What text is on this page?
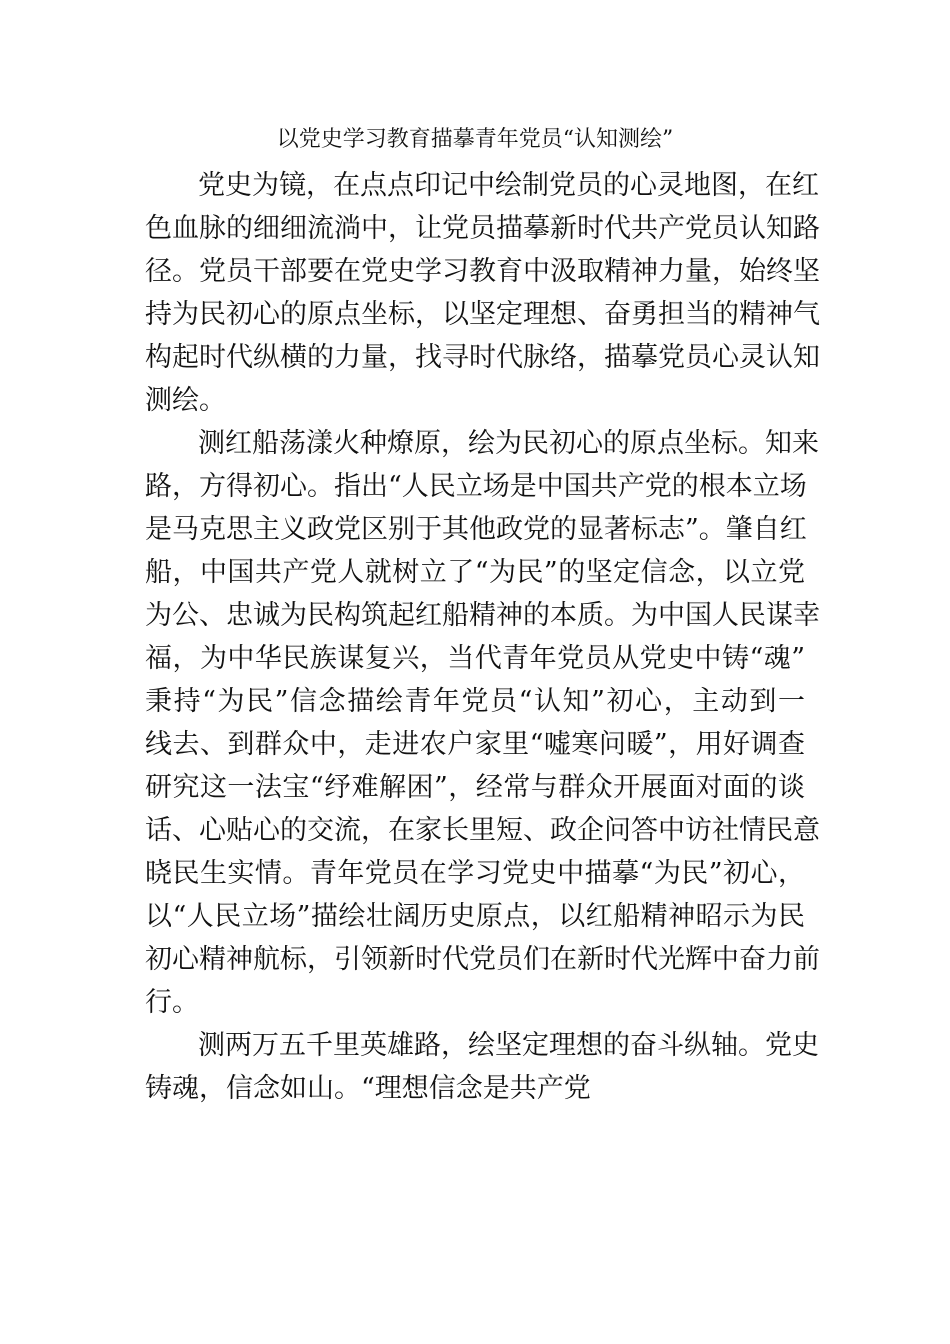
以党史学习教育描摹青年党员“认知测绘”

党史为镜，在点点印记中绘制党员的心灵地图，在红

色血脉的细细流淌中，让党员描摹新时代共产党员认知路

径。党员干部要在党史学习教育中汲取精神力量，始终坚

持为民初心的原点坐标，以坚定理想、奋勇担当的精神气

构起时代纵横的力量，找寻时代脉络，描摹党员心灵认知

测绘。

测红船荡漾火种燎原，绘为民初心的原点坐标。知来

路，方得初心。指出“人民立场是中国共产党的根本立场

是马克思主义政党区别于其他政党的显著标志”。肇自红

船，中国共产党人就树立了“为民”的坚定信念，以立党

为公、忠诚为民构筑起红船精神的本质。为中国人民谋幸

福，为中华民族谋复兴，当代青年党员从党史中铸“魂”

秉持“为民”信念描绘青年党员“认知”初心，主动到一

线去、到群众中，走进农户家里“嘘寒问暖”，用好调查

研究这一法宝“纾难解困”，经常与群众开展面对面的谈

话、心贴心的交流，在家长里短、政企问答中访社情民意

晓民生实情。青年党员在学习党史中描摹“为民”初心，

以“人民立场”描绘壮阔历史原点，以红船精神昭示为民

初心精神航标，引领新时代党员们在新时代光辉中奋力前

行。

测两万五千里英雄路，绘坚定理想的奋斗纵轴。党史

铸魂，信念如山。“理想信念是共产党
